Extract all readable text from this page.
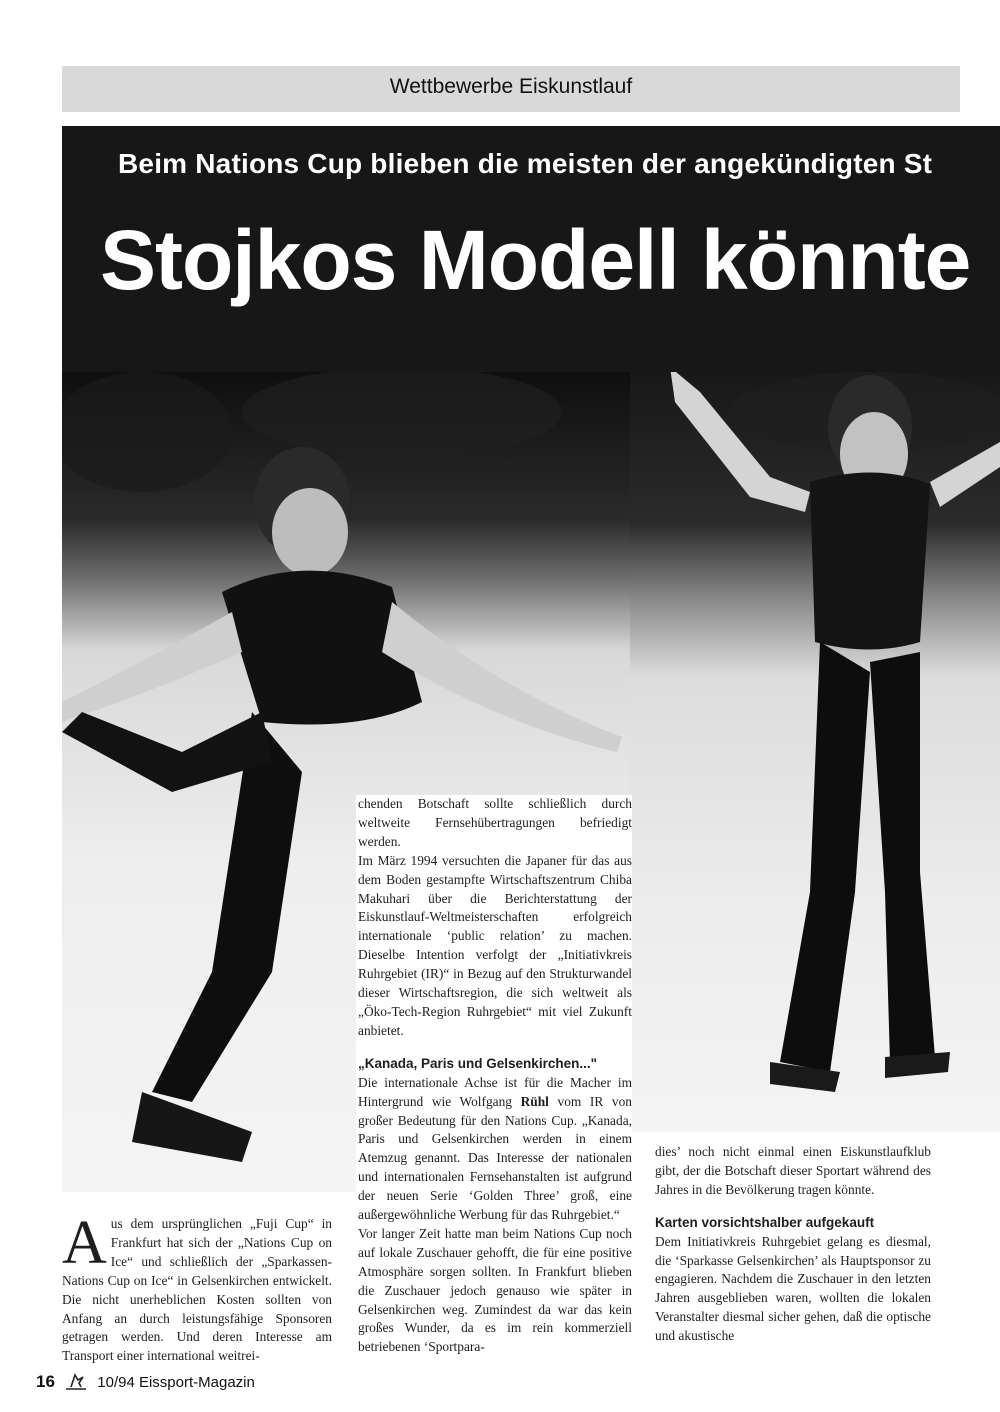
Wettbewerbe Eiskunstlauf
Beim Nations Cup blieben die meisten der angekündigten St
Stojkos Modell könnte

chenden Botschaft sollte schließlich durch weltweite Fernsehübertragungen befriedigt werden.

Im März 1994 versuchten die Japaner für das aus dem Boden gestampfte Wirtschaftszentrum Chiba Makuhari über die Berichterstattung der Eiskunstlauf-Weltmeisterschaften erfolgreich internationale ‘public relation’ zu machen. Dieselbe Intention verfolgt der „Initiativkreis Ruhrgebiet (IR)“ in Bezug auf den Strukturwandel dieser Wirtschaftsregion, die sich weltweit als „Öko-Tech-Region Ruhrgebiet“ mit viel Zukunft anbietet.

„Kanada, Paris und Gelsenkirchen..."

Die internationale Achse ist für die Macher im Hintergrund wie Wolfgang Rühl vom IR von großer Bedeutung für den Nations Cup. „Kanada, Paris und Gelsenkirchen werden in einem Atemzug genannt. Das Interesse der nationalen und internationalen Fernsehanstalten ist aufgrund der neuen Serie ‘Golden Three’ groß, eine außergewöhnliche Werbung für das Ruhrgebiet.“

Vor langer Zeit hatte man beim Nations Cup noch auf lokale Zuschauer gehofft, die für eine positive Atmosphäre sorgen sollten. In Frankfurt blieben die Zuschauer jedoch genauso wie später in Gelsenkirchen weg. Zumindest da war das kein großes Wunder, da es im rein kommerziell betriebenen ‘Sportpara-

Aus dem ursprünglichen „Fuji Cup“ in Frankfurt hat sich der „Nations Cup on Ice“ und schließlich der „Sparkassen-Nations Cup on Ice“ in Gelsenkirchen entwickelt. Die nicht unerheblichen Kosten sollten von Anfang an durch leistungsfähige Sponsoren getragen werden. Und deren Interesse am Transport einer international weitrei-

dies’ noch nicht einmal einen Eiskunstlaufklub gibt, der die Botschaft dieser Sportart während des Jahres in die Bevölkerung tragen könnte.

Karten vorsichtshalber aufgekauft

Dem Initiativkreis Ruhrgebiet gelang es diesmal, die ‘Sparkasse Gelsenkirchen’ als Hauptsponsor zu engagieren. Nachdem die Zuschauer in den letzten Jahren ausgeblieben waren, wollten die lokalen Veranstalter diesmal sicher gehen, daß die optische und akustische

16	10/94 Eissport-Magazin
